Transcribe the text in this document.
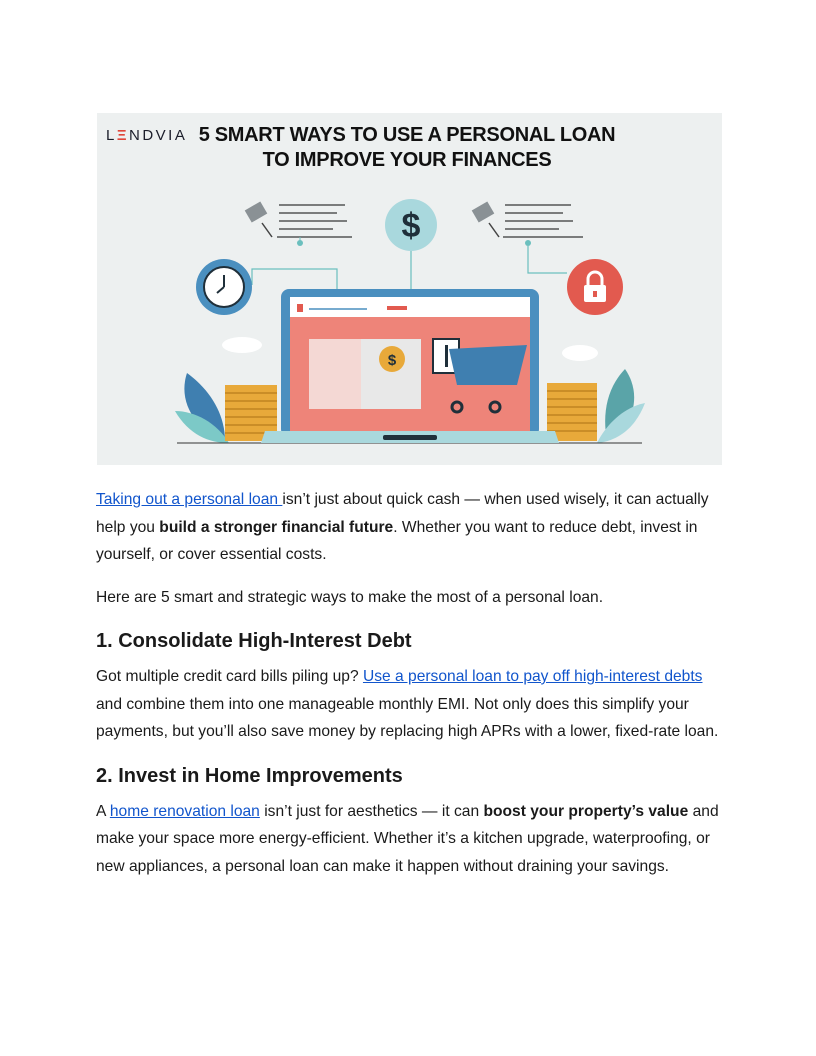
$
$
LΞNDVIA 5 SMART WAYS TO USE A PERSONAL LOAN
TO IMPROVE YOUR FINANCES

Taking out a personal loan isn’t just about quick cash — when used wisely, it can actually help you build a stronger financial future. Whether you want to reduce debt, invest in yourself, or cover essential costs.

Here are 5 smart and strategic ways to make the most of a personal loan.

1. Consolidate High-Interest Debt

Got multiple credit card bills piling up? Use a personal loan to pay off high-interest debts and combine them into one manageable monthly EMI. Not only does this simplify your payments, but you’ll also save money by replacing high APRs with a lower, fixed-rate loan.

2. Invest in Home Improvements

A home renovation loan isn’t just for aesthetics — it can boost your property’s value and make your space more energy-efficient. Whether it’s a kitchen upgrade, waterproofing, or new appliances, a personal loan can make it happen without draining your savings.
